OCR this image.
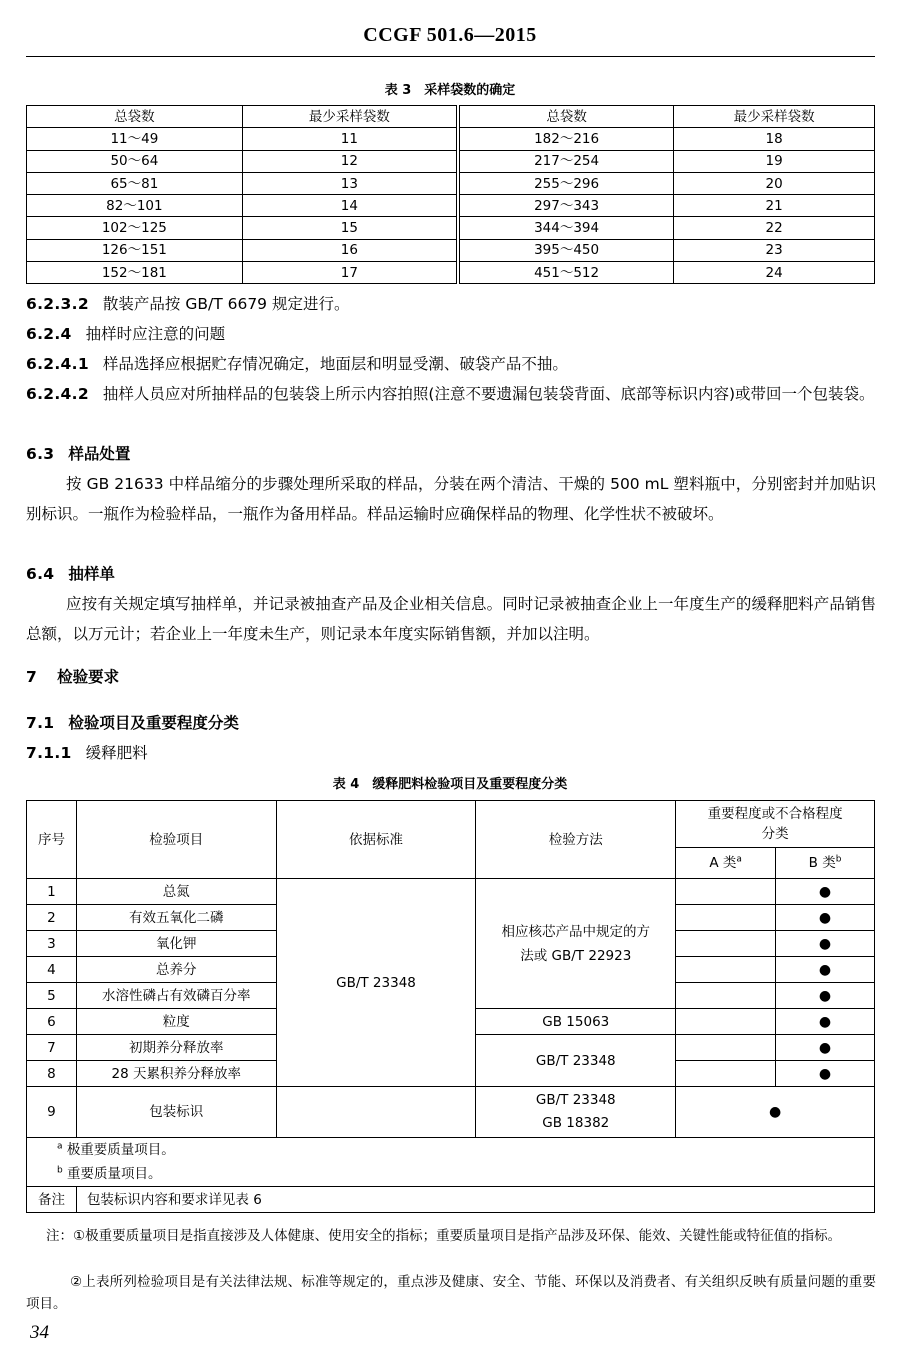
CCGF 501.6—2015
表 3　采样袋数的确定
总袋数	最少采样袋数	总袋数	最少采样袋数
11～49	11	182～216	18
50～64	12	217～254	19
65～81	13	255～296	20
82～101	14	297～343	21
102～125	15	344～394	22
126～151	16	395～450	23
152～181	17	451～512	24
6.2.3.2 散装产品按 GB/T 6679 规定进行。
6.2.4 抽样时应注意的问题
6.2.4.1 样品选择应根据贮存情况确定，地面层和明显受潮、破袋产品不抽。
6.2.4.2 抽样人员应对所抽样品的包装袋上所示内容拍照(注意不要遗漏包装袋背面、底部等标识内容)或带回一个包装袋。
6.3 样品处置
按 GB 21633 中样品缩分的步骤处理所采取的样品，分装在两个清洁、干燥的 500 mL 塑料瓶中，分别密封并加贴识别标识。一瓶作为检验样品，一瓶作为备用样品。样品运输时应确保样品的物理、化学性状不被破坏。
6.4 抽样单
应按有关规定填写抽样单，并记录被抽查产品及企业相关信息。同时记录被抽查企业上一年度生产的缓释肥料产品销售总额，以万元计；若企业上一年度未生产，则记录本年度实际销售额，并加以注明。
7 检验要求
7.1 检验项目及重要程度分类
7.1.1 缓释肥料
表 4　缓释肥料检验项目及重要程度分类
序号	检验项目	依据标准	检验方法	重要程度或不合格程度分类	
				A 类$^a$	B 类$^b$
1	总氮	GB/T 23348	相应核芯产品中规定的方法或 GB/T 22923		●
2	有效五氧化二磷				●
3	氧化钾				●
4	总养分				●
5	水溶性磷占有效磷百分率				●
6	粒度		GB 15063		●
7	初期养分释放率		GB/T 23348		●
8	28 天累积养分释放率				●
9	包装标识		GB/T 23348
GB 18382	●	
$^a$ 极重要质量项目。					
$^b$ 重要质量项目。					
备注	包装标识内容和要求详见表 6				
注：①极重要质量项目是指直接涉及人体健康、使用安全的指标；重要质量项目是指产品涉及环保、能效、关键性能或特征值的指标。
②上表所列检验项目是有关法律法规、标准等规定的，重点涉及健康、安全、节能、环保以及消费者、有关组织反映有质量问题的重要项目。
34
